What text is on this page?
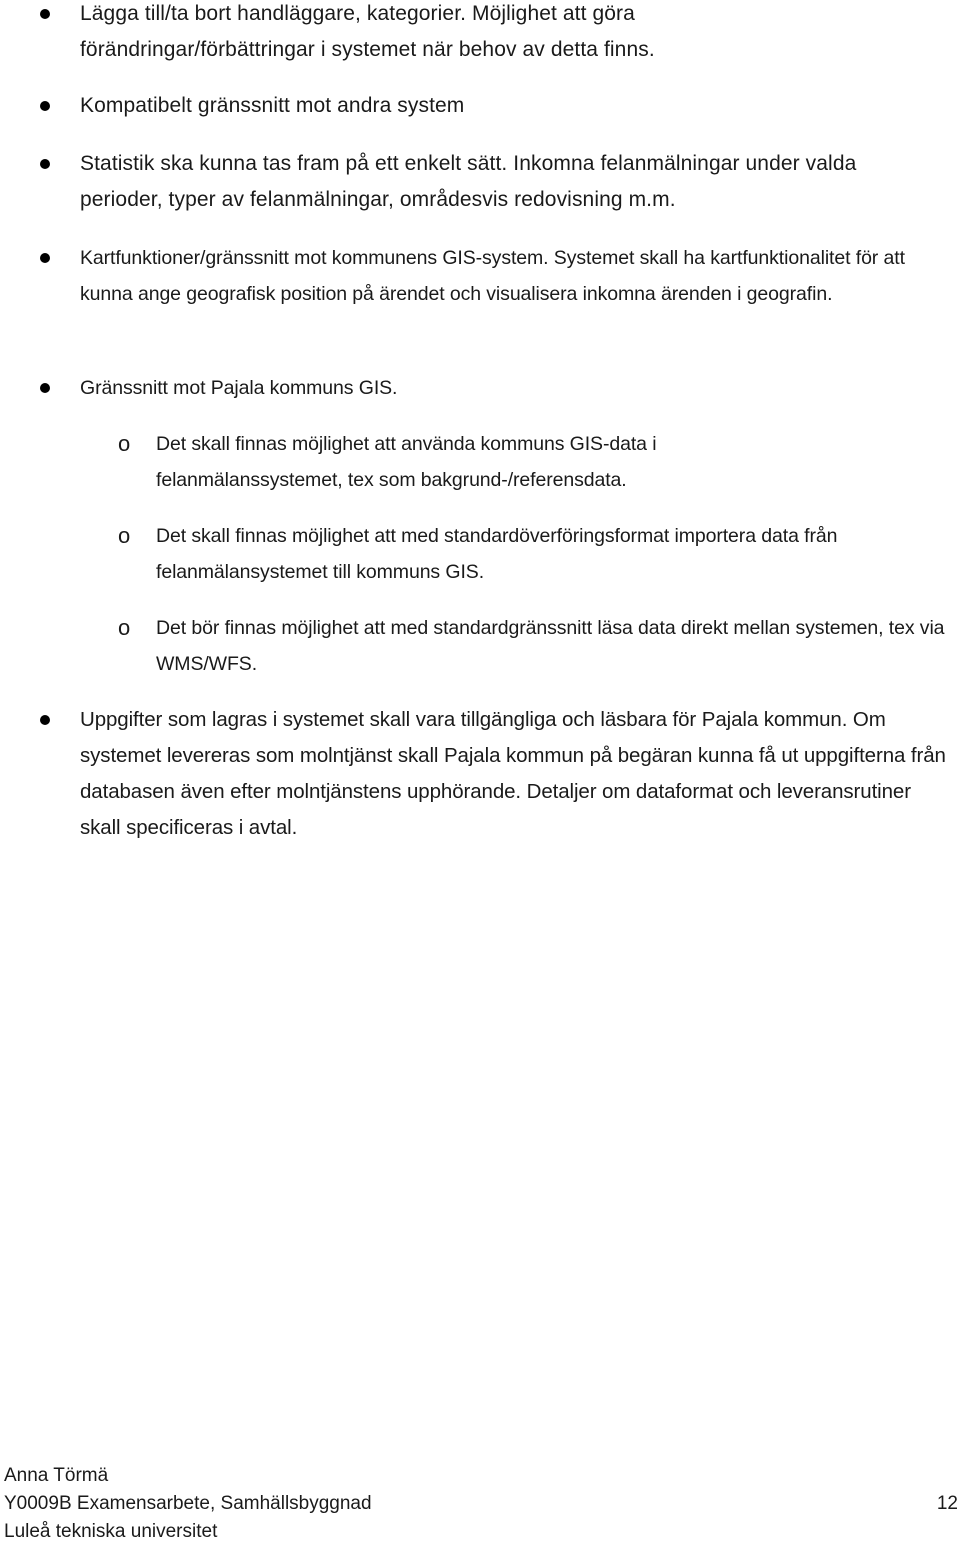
Lägga till/ta bort handläggare, kategorier. Möjlighet att göra förändringar/förbättringar i systemet när behov av detta finns.
Kompatibelt gränssnitt mot andra system
Statistik ska kunna tas fram på ett enkelt sätt. Inkomna felanmälningar under valda perioder, typer av felanmälningar, områdesvis redovisning m.m.
Kartfunktioner/gränssnitt mot kommunens GIS-system. Systemet skall ha kartfunktionalitet för att kunna ange geografisk position på ärendet och visualisera inkomna ärenden i geografin.
Gränssnitt mot Pajala kommuns GIS.
o Det skall finnas möjlighet att använda kommuns GIS-data i felanmälanssystemet, tex som bakgrund-/referensdata.
o Det skall finnas möjlighet att med standardöverföringsformat importera data från felanmälansystemet till kommuns GIS.
o Det bör finnas möjlighet att med standardgränssnitt läsa data direkt mellan systemen, tex via WMS/WFS.
Uppgifter som lagras i systemet skall vara tillgängliga och läsbara för Pajala kommun. Om systemet levereras som molntjänst skall Pajala kommun på begäran kunna få ut uppgifterna från databasen även efter molntjänstens upphörande. Detaljer om dataformat och leveransrutiner skall specificeras i avtal.
Anna Törmä
Y0009B Examensarbete, Samhällsbyggnad
Luleå tekniska universitet
12
